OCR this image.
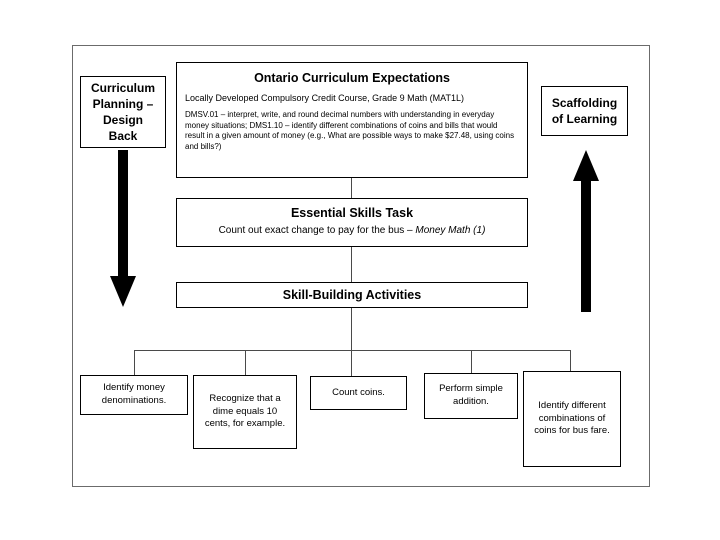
Ontario Curriculum Expectations

Locally Developed Compulsory Credit Course, Grade 9 Math (MAT1L)

DMSV.01 – interpret, write, and round decimal numbers with understanding in everyday money situations; DMS1.10 – identify different combinations of coins and bills that would result in a given amount of money (e.g., What are possible ways to make $27.48, using coins and bills?)

Curriculum Planning – Design Back
Scaffolding of Learning
Essential Skills Task

Count out exact change to pay for the bus – Money Math (1)

Skill-Building Activities
Identify money denominations.	Recognize that a dime equals 10 cents, for example.
Count coins.	Perform simple addition.	Identify different combinations of coins for bus fare.
